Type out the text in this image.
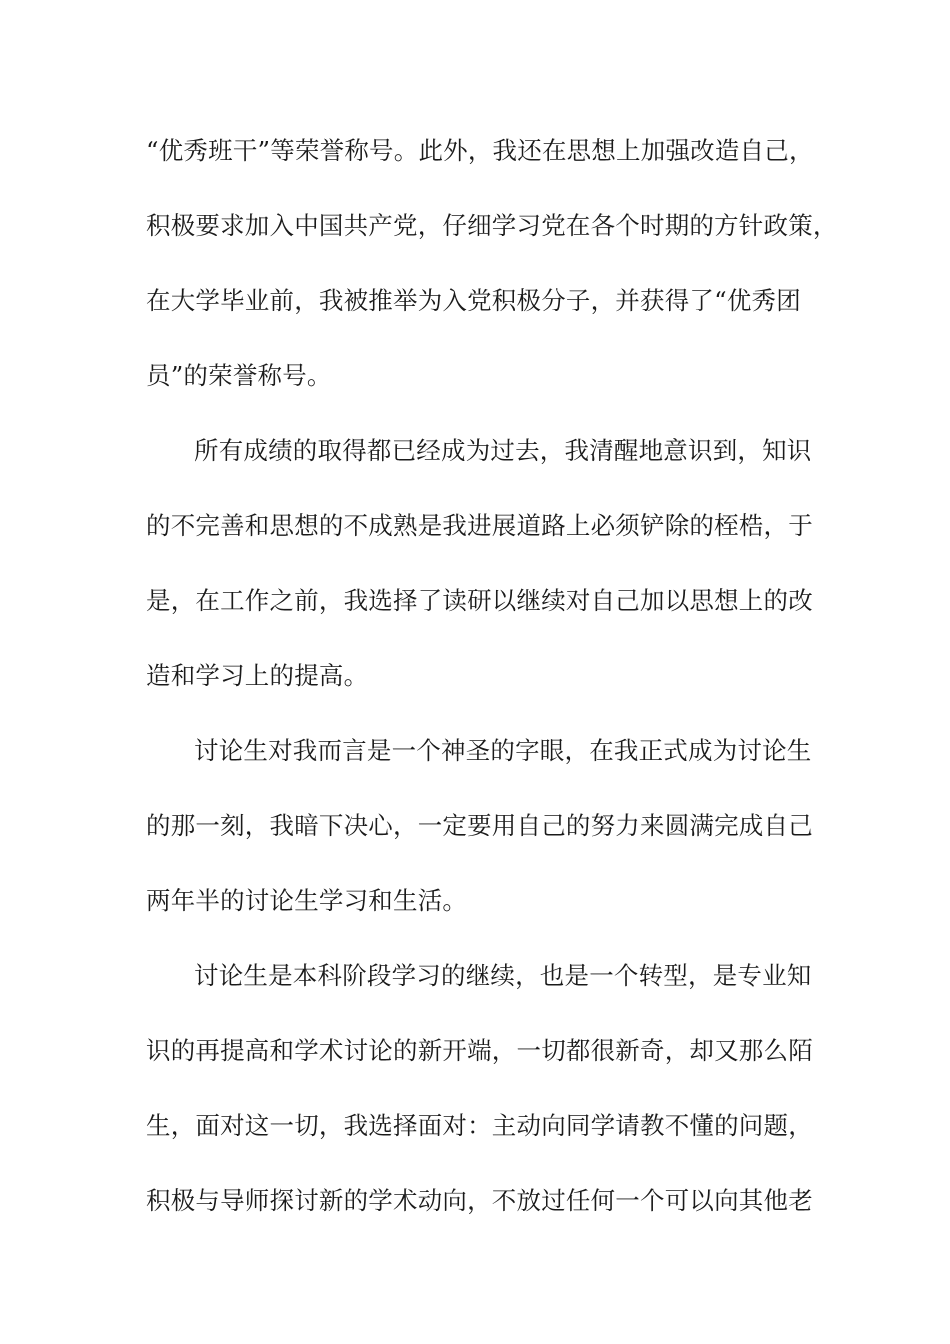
“优秀班干”等荣誉称号。此外，我还在思想上加强改造自己，
积极要求加入中国共产党，仔细学习党在各个时期的方针政策，
在大学毕业前，我被推举为入党积极分子，并获得了“优秀团
员”的荣誉称号。
所有成绩的取得都已经成为过去，我清醒地意识到，知识
的不完善和思想的不成熟是我进展道路上必须铲除的桎梏，于
是，在工作之前，我选择了读研以继续对自己加以思想上的改
造和学习上的提高。
讨论生对我而言是一个神圣的字眼，在我正式成为讨论生
的那一刻，我暗下决心，一定要用自己的努力来圆满完成自己
两年半的讨论生学习和生活。
讨论生是本科阶段学习的继续，也是一个转型，是专业知
识的再提高和学术讨论的新开端，一切都很新奇，却又那么陌
生，面对这一切，我选择面对：主动向同学请教不懂的问题，
积极与导师探讨新的学术动向，不放过任何一个可以向其他老
